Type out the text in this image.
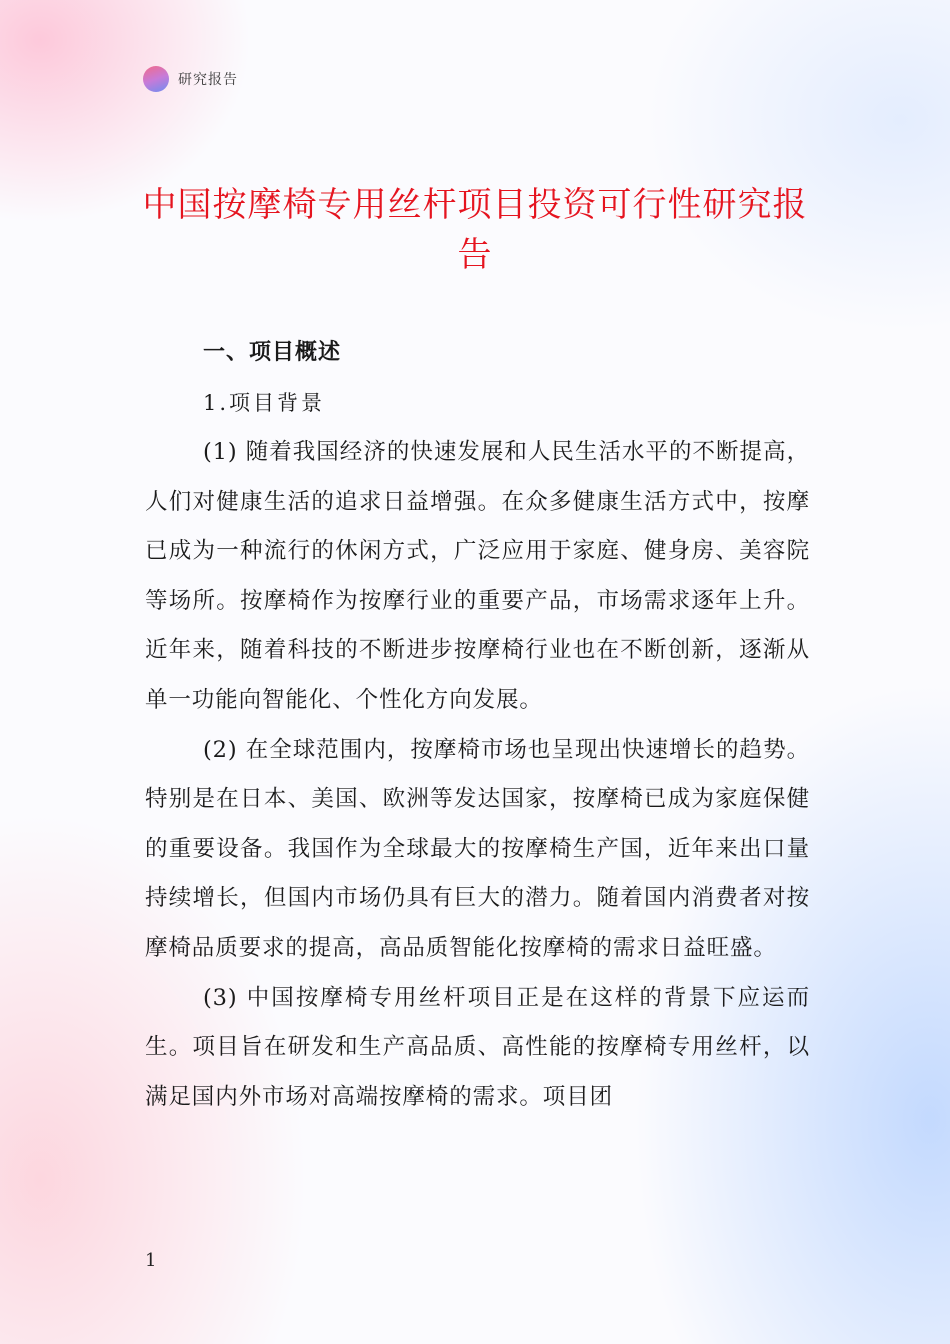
研究报告
中国按摩椅专用丝杆项目投资可行性研究报告
一、项目概述
1.项目背景

(1) 随着我国经济的快速发展和人民生活水平的不断提高，人们对健康生活的追求日益增强。在众多健康生活方式中，按摩已成为一种流行的休闲方式，广泛应用于家庭、健身房、美容院等场所。按摩椅作为按摩行业的重要产品，市场需求逐年上升。近年来，随着科技的不断进步按摩椅行业也在不断创新，逐渐从单一功能向智能化、个性化方向发展。

(2) 在全球范围内，按摩椅市场也呈现出快速增长的趋势。特别是在日本、美国、欧洲等发达国家，按摩椅已成为家庭保健的重要设备。我国作为全球最大的按摩椅生产国，近年来出口量持续增长，但国内市场仍具有巨大的潜力。随着国内消费者对按摩椅品质要求的提高，高品质智能化按摩椅的需求日益旺盛。

(3) 中国按摩椅专用丝杆项目正是在这样的背景下应运而生。项目旨在研发和生产高品质、高性能的按摩椅专用丝杆，以满足国内外市场对高端按摩椅的需求。项目团

1
